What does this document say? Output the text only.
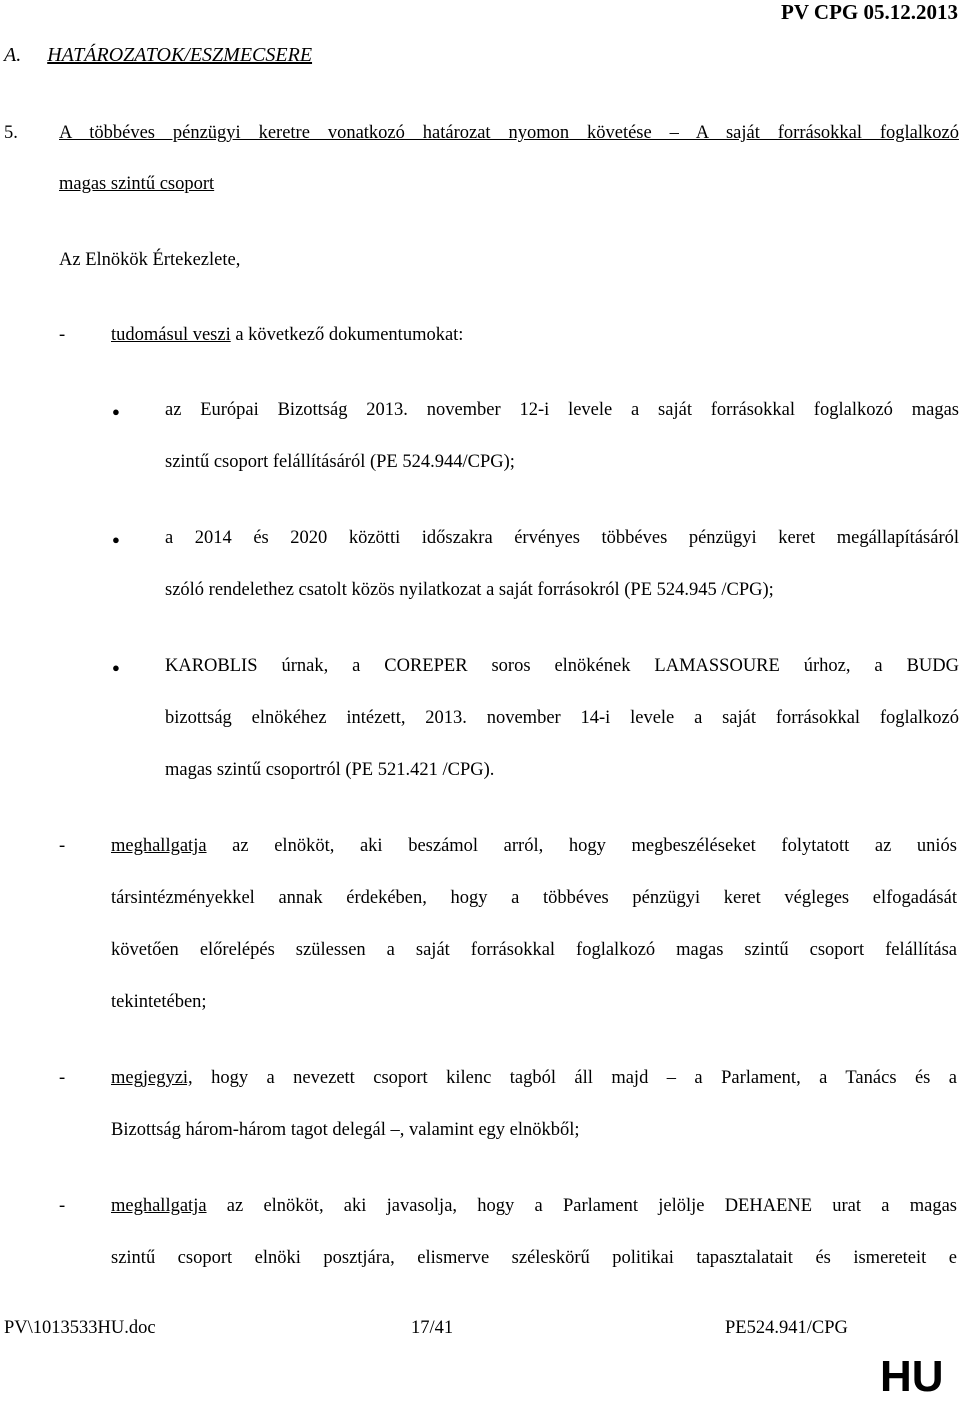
PV CPG 05.12.2013
A. HATÁROZATOK/ESZMECSERE
5. A többéves pénzügyi keretre vonatkozó határozat nyomon követése – A saját forrásokkal foglalkozó
magas szintű csoport
Az Elnökök Értekezlete,
- tudomásul veszi a következő dokumentumokat:
● az Európai Bizottság 2013. november 12-i levele a saját forrásokkal foglalkozó magas
szintű csoport felállításáról (PE 524.944/CPG);
● a 2014 és 2020 közötti időszakra érvényes többéves pénzügyi keret megállapításáról
szóló rendelethez csatolt közös nyilatkozat a saját forrásokról (PE 524.945 /CPG);
● KAROBLIS úrnak, a COREPER soros elnökének LAMASSOURE úrhoz, a BUDG
bizottság elnökéhez intézett, 2013. november 14-i levele a saját forrásokkal foglalkozó
magas szintű csoportról (PE 521.421 /CPG).
- meghallgatja az elnököt, aki beszámol arról, hogy megbeszéléseket folytatott az uniós
társintézményekkel annak érdekében, hogy a többéves pénzügyi keret végleges elfogadását
követően előrelépés szülessen a saját forrásokkal foglalkozó magas szintű csoport felállítása
tekintetében;
- megjegyzi, hogy a nevezett csoport kilenc tagból áll majd – a Parlament, a Tanács és a
Bizottság három-három tagot delegál –, valamint egy elnökből;
- meghallgatja az elnököt, aki javasolja, hogy a Parlament jelölje DEHAENE urat a magas
szintű csoport elnöki posztjára, elismerve széleskörű politikai tapasztalatait és ismereteit e
PV\1013533HU.doc	17/41	PE524.941/CPG
HU
